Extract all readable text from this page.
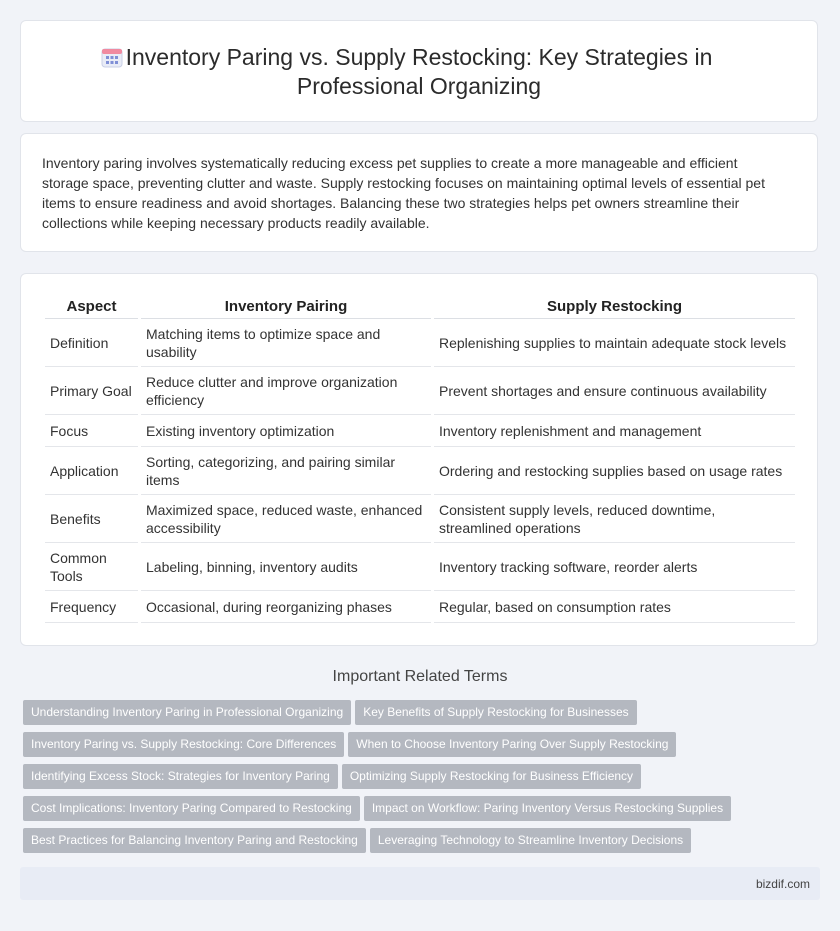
Inventory Paring vs. Supply Restocking: Key Strategies in Professional Organizing

Inventory paring involves systematically reducing excess pet supplies to create a more manageable and efficient storage space, preventing clutter and waste. Supply restocking focuses on maintaining optimal levels of essential pet items to ensure readiness and avoid shortages. Balancing these two strategies helps pet owners streamline their collections while keeping necessary products readily available.

Aspect	Inventory Pairing	Supply Restocking
Definition	Matching items to optimize space and usability	Replenishing supplies to maintain adequate stock levels
Primary Goal	Reduce clutter and improve organization efficiency	Prevent shortages and ensure continuous availability
Focus	Existing inventory optimization	Inventory replenishment and management
Application	Sorting, categorizing, and pairing similar items	Ordering and restocking supplies based on usage rates
Benefits	Maximized space, reduced waste, enhanced accessibility	Consistent supply levels, reduced downtime, streamlined operations
Common Tools	Labeling, binning, inventory audits	Inventory tracking software, reorder alerts
Frequency	Occasional, during reorganizing phases	Regular, based on consumption rates
Important Related Terms
Understanding Inventory Paring in Professional Organizing Key Benefits of Supply Restocking for Businesses
Inventory Paring vs. Supply Restocking: Core Differences When to Choose Inventory Paring Over Supply Restocking
Identifying Excess Stock: Strategies for Inventory Paring Optimizing Supply Restocking for Business Efficiency
Cost Implications: Inventory Paring Compared to Restocking Impact on Workflow: Paring Inventory Versus Restocking Supplies
Best Practices for Balancing Inventory Paring and Restocking Leveraging Technology to Streamline Inventory Decisions
bizdif.com
